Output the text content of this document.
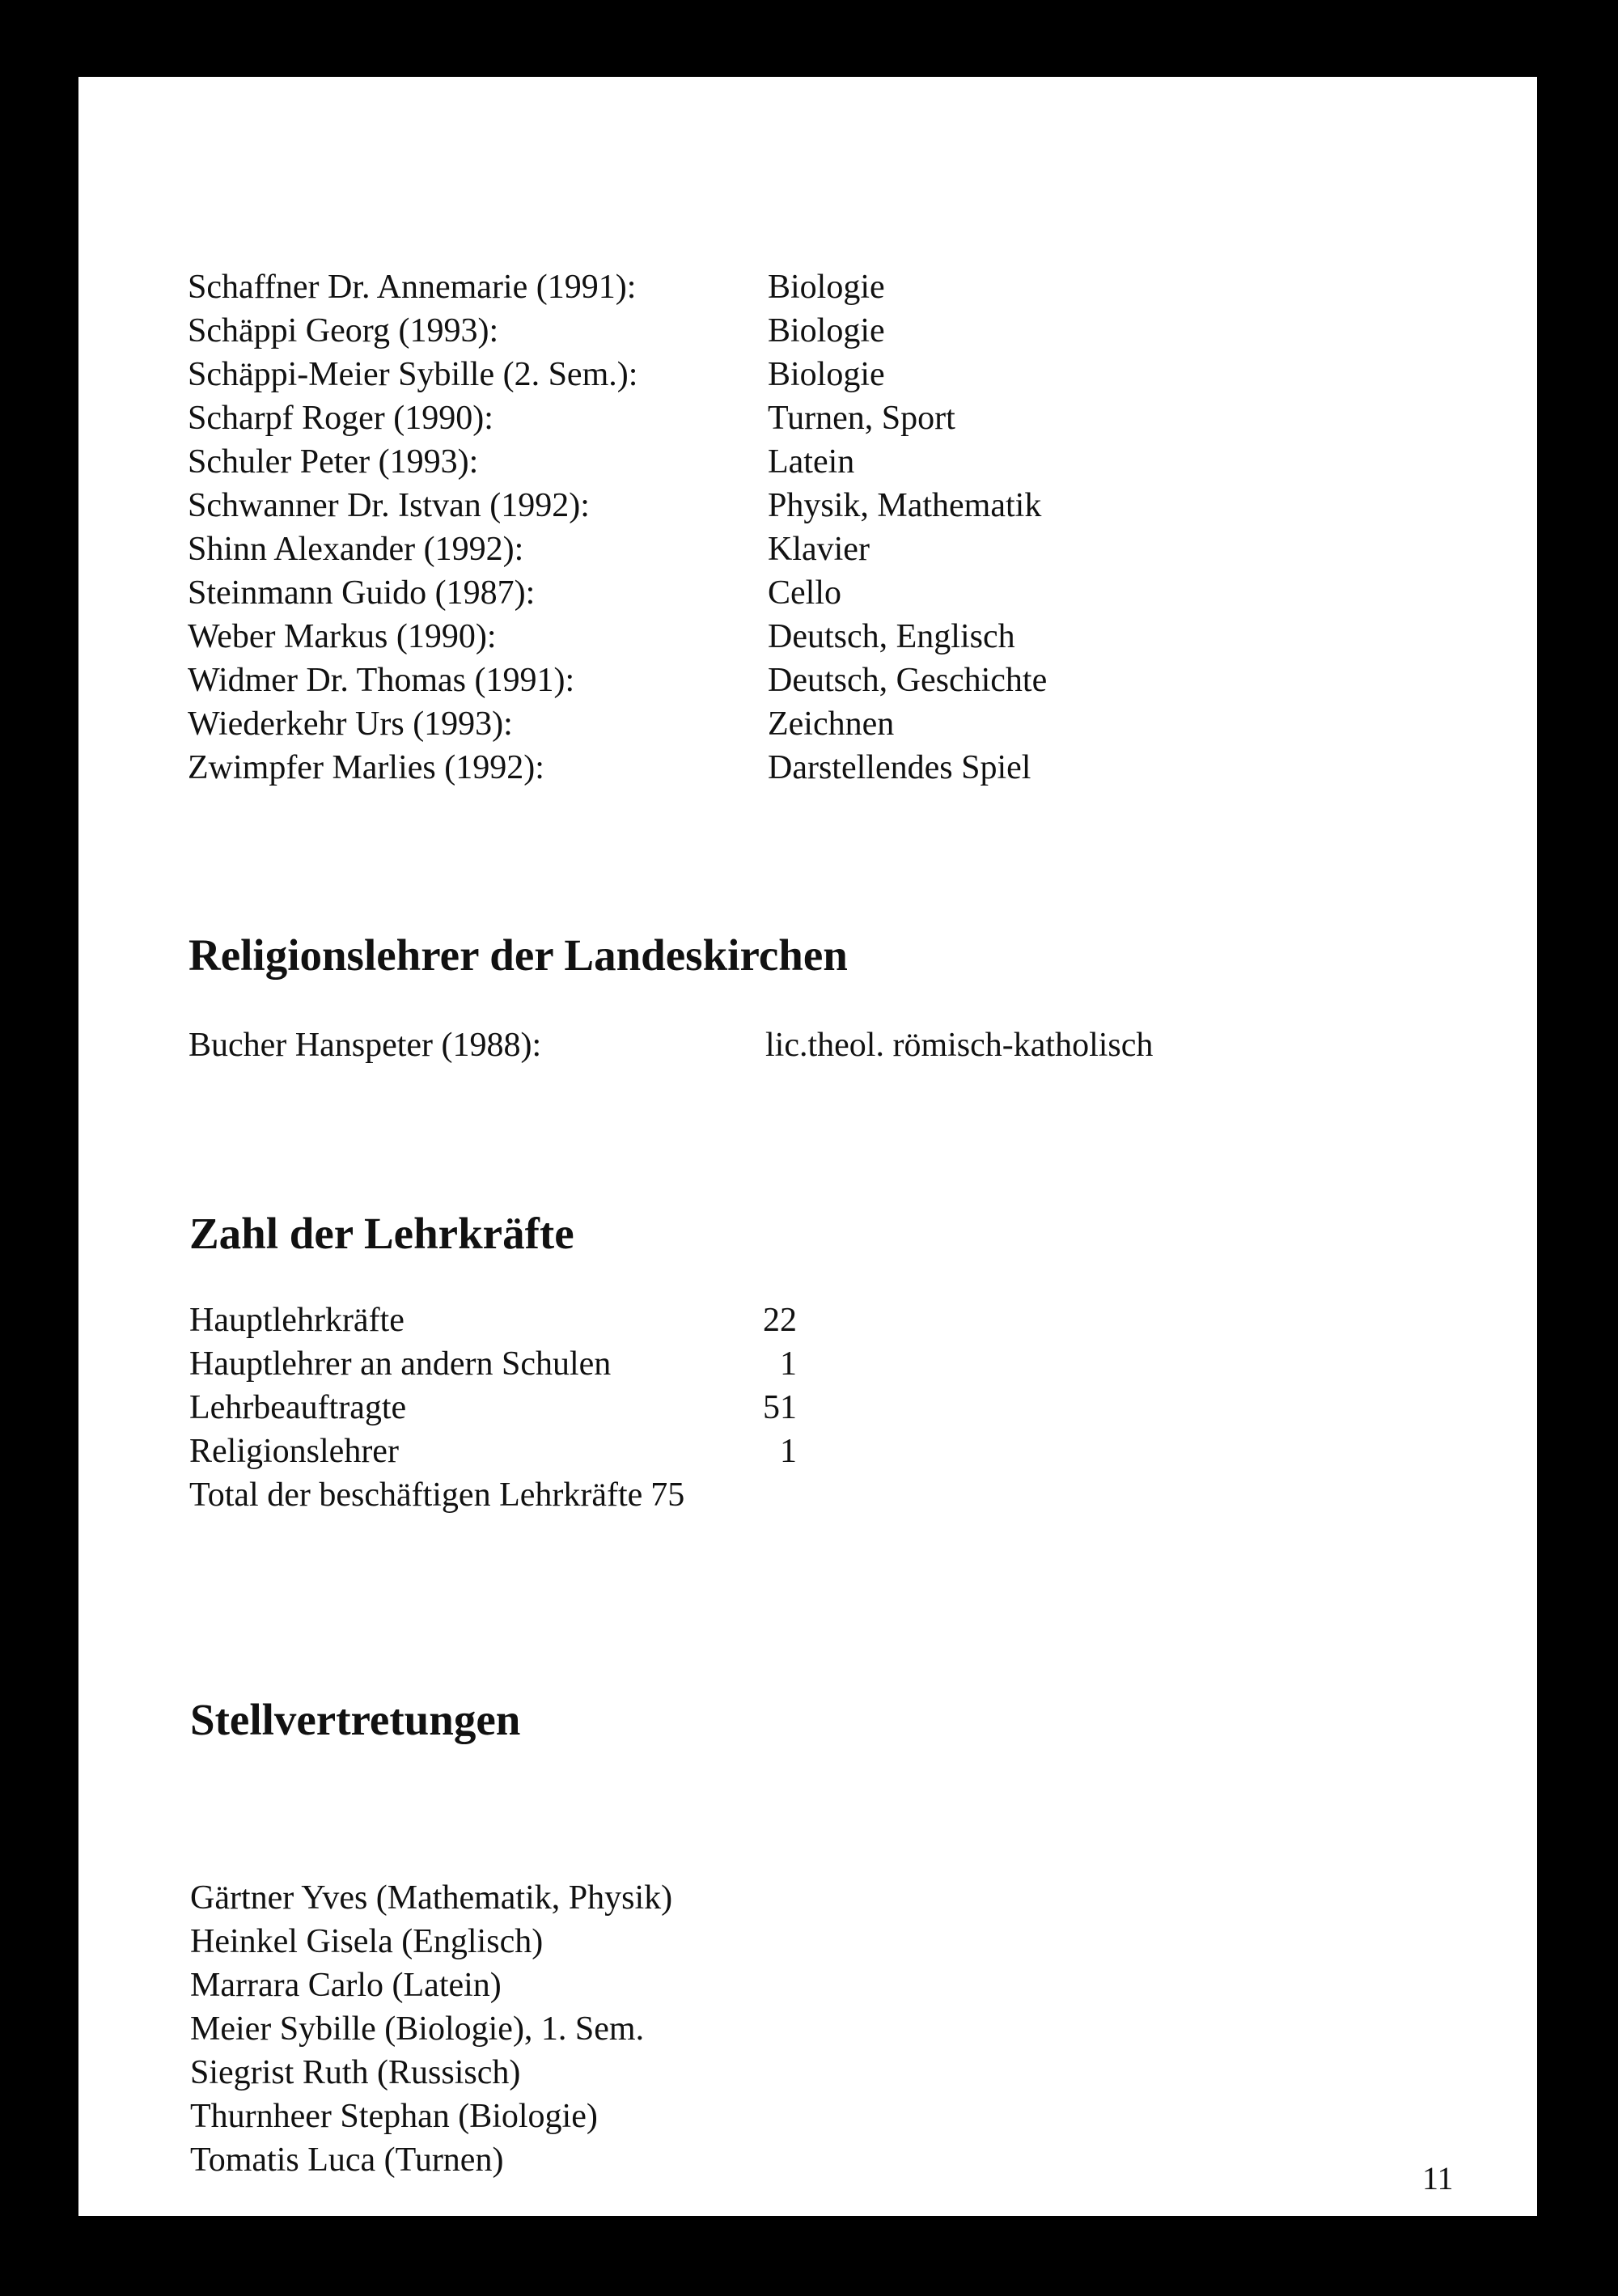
Schaffner Dr. Annemarie (1991):	Biologie
Schäppi Georg (1993):	Biologie
Schäppi-Meier Sybille (2. Sem.):	Biologie
Scharpf Roger (1990):	Turnen, Sport
Schuler Peter (1993):	Latein
Schwanner Dr. Istvan (1992):	Physik, Mathematik
Shinn Alexander (1992):	Klavier
Steinmann Guido (1987):	Cello
Weber Markus (1990):	Deutsch, Englisch
Widmer Dr. Thomas (1991):	Deutsch, Geschichte
Wiederkehr Urs (1993):	Zeichnen
Zwimpfer Marlies (1992):	Darstellendes Spiel
Religionslehrer der Landeskirchen
Bucher Hanspeter (1988):	lic.theol. römisch-katholisch
Zahl der Lehrkräfte
Hauptlehrkräfte	22
Hauptlehrer an andern Schulen	1
Lehrbeauftragte	51
Religionslehrer	1
Total der beschäftigen Lehrkräfte 75
Stellvertretungen
Gärtner Yves (Mathematik, Physik)
Heinkel Gisela (Englisch)
Marrara Carlo (Latein)
Meier Sybille (Biologie), 1. Sem.
Siegrist Ruth (Russisch)
Thurnheer Stephan (Biologie)
Tomatis Luca (Turnen)	11
